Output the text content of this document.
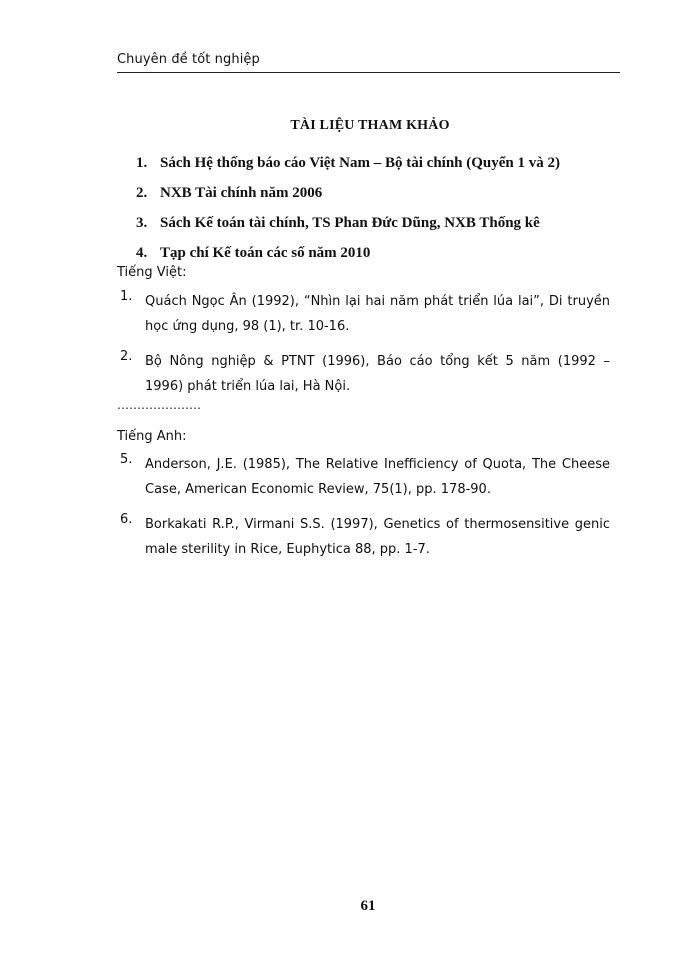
Chuyên đề tốt nghiệp
TÀI LIỆU THAM KHẢO
1. Sách Hệ thống báo cáo Việt Nam – Bộ tài chính (Quyển 1 và 2)
2. NXB Tài chính năm 2006
3. Sách Kế toán tài chính, TS Phan Đức Dũng, NXB Thống kê
4. Tạp chí Kế toán các số năm 2010
Tiếng Việt:
1. Quách Ngọc Ân (1992), “Nhìn lại hai năm phát triển lúa lai”, Di truyền
học ứng dụng, 98 (1), tr. 10-16.
2. Bộ Nông nghiệp & PTNT (1996), Báo cáo tổng kết 5 năm (1992 –
1996) phát triển lúa lai, Hà Nội.
…………………
Tiếng Anh:
5. Anderson, J.E. (1985), The Relative Inefficiency of Quota, The Cheese
Case, American Economic Review, 75(1), pp. 178-90.
6. Borkakati R.P., Virmani S.S. (1997), Genetics of thermosensitive genic
male sterility in Rice, Euphytica 88, pp. 1-7.
61
